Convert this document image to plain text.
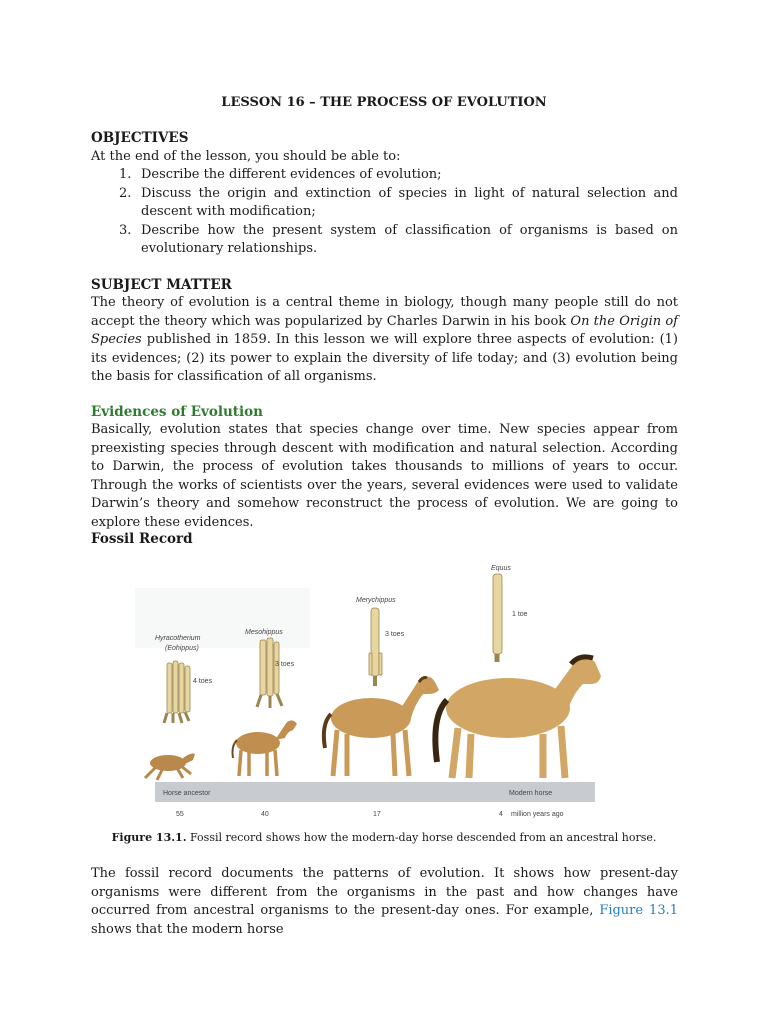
LESSON 16 – THE PROCESS OF EVOLUTION
OBJECTIVES
At the end of the lesson, you should be able to:
1. Describe the different evidences of evolution;
2. Discuss the origin and extinction of species in light of natural selection and descent with modification;
3. Describe how the present system of classification of organisms is based on evolutionary relationships.
SUBJECT MATTER

The theory of evolution is a central theme in biology, though many people still do not accept the theory which was popularized by Charles Darwin in his book On the Origin of Species published in 1859. In this lesson we will explore three aspects of evolution: (1) its evidences; (2) its power to explain the diversity of life today; and (3) evolution being the basis for classification of all organisms.

Evidences of Evolution

Basically, evolution states that species change over time. New species appear from preexisting species through descent with modification and natural selection. According to Darwin, the process of evolution takes thousands to millions of years to occur. Through the works of scientists over the years, several evidences were used to validate Darwin’s theory and somehow reconstruct the process of evolution. We are going to explore these evidences.

Fossil Record
Hyracotherium
(Eohippus)
4 toes
Mesohippus
3 toes
Merychippus
3 toes
Equus
1 toe
Horse ancestor	Modern horse
55	40	17	4 million years ago
Figure 13.1. Fossil record shows how the modern-day horse descended from an ancestral horse.

The fossil record documents the patterns of evolution. It shows how present-day organisms were different from the organisms in the past and how changes have occurred from ancestral organisms to the present-day ones. For example, Figure 13.1 shows that the modern horse
